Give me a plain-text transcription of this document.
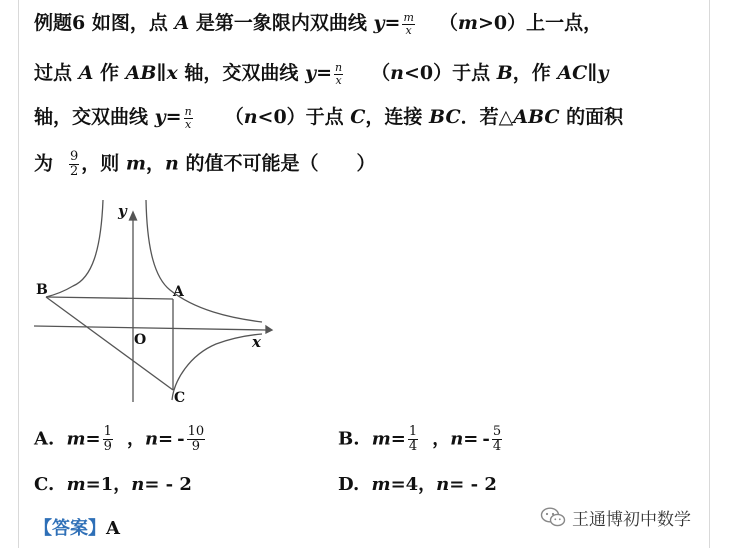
例题6 如图，点 A 是第一象限内双曲线 $y= \frac{m}{x} (m>0)$上一点，
过点 A 作 AB∥x 轴，交双曲线 $y= \frac{n}{x} (n<0)$于点 B，作 AC∥y
轴，交双曲线 $y= \frac{n}{x} (n<0)$于点 C，连接 BC．若△ABC 的面积
为 $\frac{9}{2}$ ，则 m，n 的值不可能是（　　）
y
x
O
A
B
C
A. $m= \frac{1}{9}$ ，$n= - \frac{10}{9}$	B. $m= \frac{1}{4}$ ，$n= - \frac{5}{4}$
C. m=1，n= - 2	D. m=4，n= - 2
【答案】A	王通博初中数学
